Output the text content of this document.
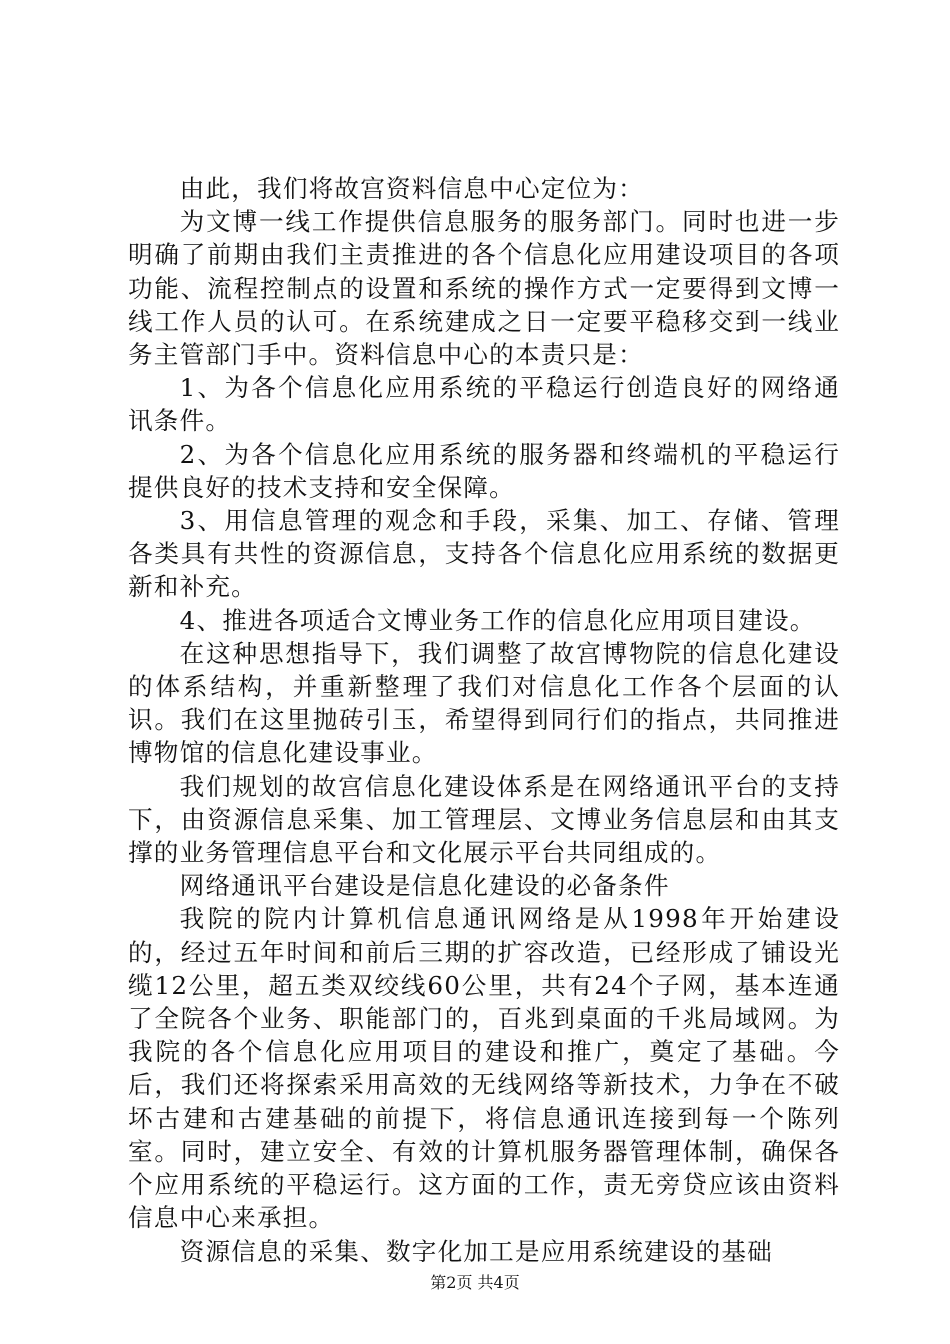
由此，我们将故宫资料信息中心定位为：

为文博一线工作提供信息服务的服务部门。同时也进一步明确了前期由我们主责推进的各个信息化应用建设项目的各项功能、流程控制点的设置和系统的操作方式一定要得到文博一线工作人员的认可。在系统建成之日一定要平稳移交到一线业务主管部门手中。资料信息中心的本责只是：

1、为各个信息化应用系统的平稳运行创造良好的网络通讯条件。

2、为各个信息化应用系统的服务器和终端机的平稳运行提供良好的技术支持和安全保障。

3、用信息管理的观念和手段，采集、加工、存储、管理各类具有共性的资源信息，支持各个信息化应用系统的数据更新和补充。

4、推进各项适合文博业务工作的信息化应用项目建设。

在这种思想指导下，我们调整了故宫博物院的信息化建设的体系结构，并重新整理了我们对信息化工作各个层面的认识。我们在这里抛砖引玉，希望得到同行们的指点，共同推进博物馆的信息化建设事业。

我们规划的故宫信息化建设体系是在网络通讯平台的支持下，由资源信息采集、加工管理层、文博业务信息层和由其支撑的业务管理信息平台和文化展示平台共同组成的。

网络通讯平台建设是信息化建设的必备条件

我院的院内计算机信息通讯网络是从1998年开始建设的，经过五年时间和前后三期的扩容改造，已经形成了铺设光缆12公里，超五类双绞线60公里，共有24个子网，基本连通了全院各个业务、职能部门的，百兆到桌面的千兆局域网。为我院的各个信息化应用项目的建设和推广，奠定了基础。今后，我们还将探索采用高效的无线网络等新技术，力争在不破坏古建和古建基础的前提下，将信息通讯连接到每一个陈列室。同时，建立安全、有效的计算机服务器管理体制，确保各个应用系统的平稳运行。这方面的工作，责无旁贷应该由资料信息中心来承担。

资源信息的采集、数字化加工是应用系统建设的基础

第2页 共4页
